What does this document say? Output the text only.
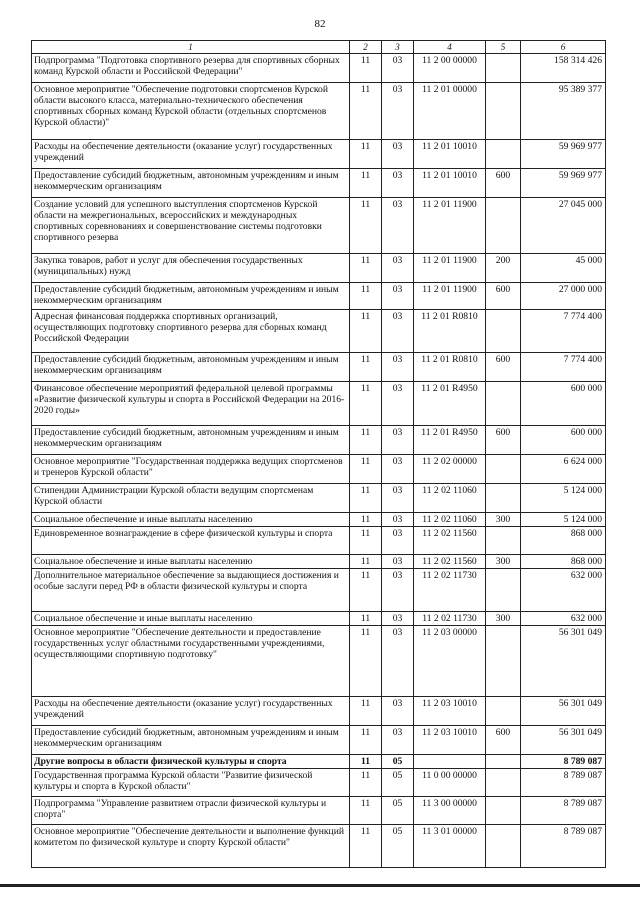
82
1	2	3	4	5	6
Подпрограмма "Подготовка спортивного резерва для спортивных сборных команд Курской области и Российской Федерации"	11	03	11 2 00 00000		158 314 426
Основное мероприятие "Обеспечение подготовки спортсменов Курской области высокого класса, материально-технического обеспечения спортивных сборных команд Курской области (отдельных спортсменов Курской области)"	11	03	11 2 01 00000		95 389 377
Расходы на обеспечение деятельности (оказание услуг) государственных учреждений	11	03	11 2 01 10010		59 969 977
Предоставление субсидий бюджетным, автономным учреждениям и иным некоммерческим организациям	11	03	11 2 01 10010	600	59 969 977
Создание условий для успешного выступления спортсменов Курской области на межрегиональных, всероссийских и международных спортивных соревнованиях и совершенствование системы подготовки спортивного резерва	11	03	11 2 01 11900		27 045 000
Закупка товаров, работ и услуг для обеспечения государственных (муниципальных) нужд	11	03	11 2 01 11900	200	45 000
Предоставление субсидий бюджетным, автономным учреждениям и иным некоммерческим организациям	11	03	11 2 01 11900	600	27 000 000
Адресная финансовая поддержка спортивных организаций, осуществляющих подготовку спортивного резерва для сборных команд Российской Федерации	11	03	11 2 01 R0810		7 774 400
Предоставление субсидий бюджетным, автономным учреждениям и иным некоммерческим организациям	11	03	11 2 01 R0810	600	7 774 400
Финансовое обеспечение мероприятий федеральной целевой программы «Развитие физической культуры и спорта в Российской Федерации на 2016-2020 годы»	11	03	11 2 01 R4950		600 000
Предоставление субсидий бюджетным, автономным учреждениям и иным некоммерческим организациям	11	03	11 2 01 R4950	600	600 000
Основное мероприятие "Государственная поддержка ведущих спортсменов и тренеров Курской области"	11	03	11 2 02 00000		6 624 000
Стипендии Администрации Курской области ведущим спортсменам Курской области	11	03	11 2 02 11060		5 124 000
Социальное обеспечение и иные выплаты населению	11	03	11 2 02 11060	300	5 124 000
Единовременное вознаграждение в сфере физической культуры и спорта	11	03	11 2 02 11560		868 000
Социальное обеспечение и иные выплаты населению	11	03	11 2 02 11560	300	868 000
Дополнительное материальное обеспечение за выдающиеся достижения и особые заслуги перед РФ в области физической культуры и спорта	11	03	11 2 02 11730		632 000
Социальное обеспечение и иные выплаты населению	11	03	11 2 02 11730	300	632 000
Основное мероприятие "Обеспечение деятельности и предоставление государственных услуг областными государственными учреждениями, осуществляющими спортивную подготовку"	11	03	11 2 03 00000		56 301 049
Расходы на обеспечение деятельности (оказание услуг) государственных учреждений	11	03	11 2 03 10010		56 301 049
Предоставление субсидий бюджетным, автономным учреждениям и иным некоммерческим организациям	11	03	11 2 03 10010	600	56 301 049
Другие вопросы в области физической культуры и спорта	11	05			8 789 087
Государственная программа Курской области "Развитие физической культуры и спорта в Курской области"	11	05	11 0 00 00000		8 789 087
Подпрограмма "Управление развитием отрасли физической культуры и спорта"	11	05	11 3 00 00000		8 789 087
Основное мероприятие "Обеспечение деятельности и выполнение функций комитетом по физической культуре и спорту Курской области"	11	05	11 3 01 00000		8 789 087
